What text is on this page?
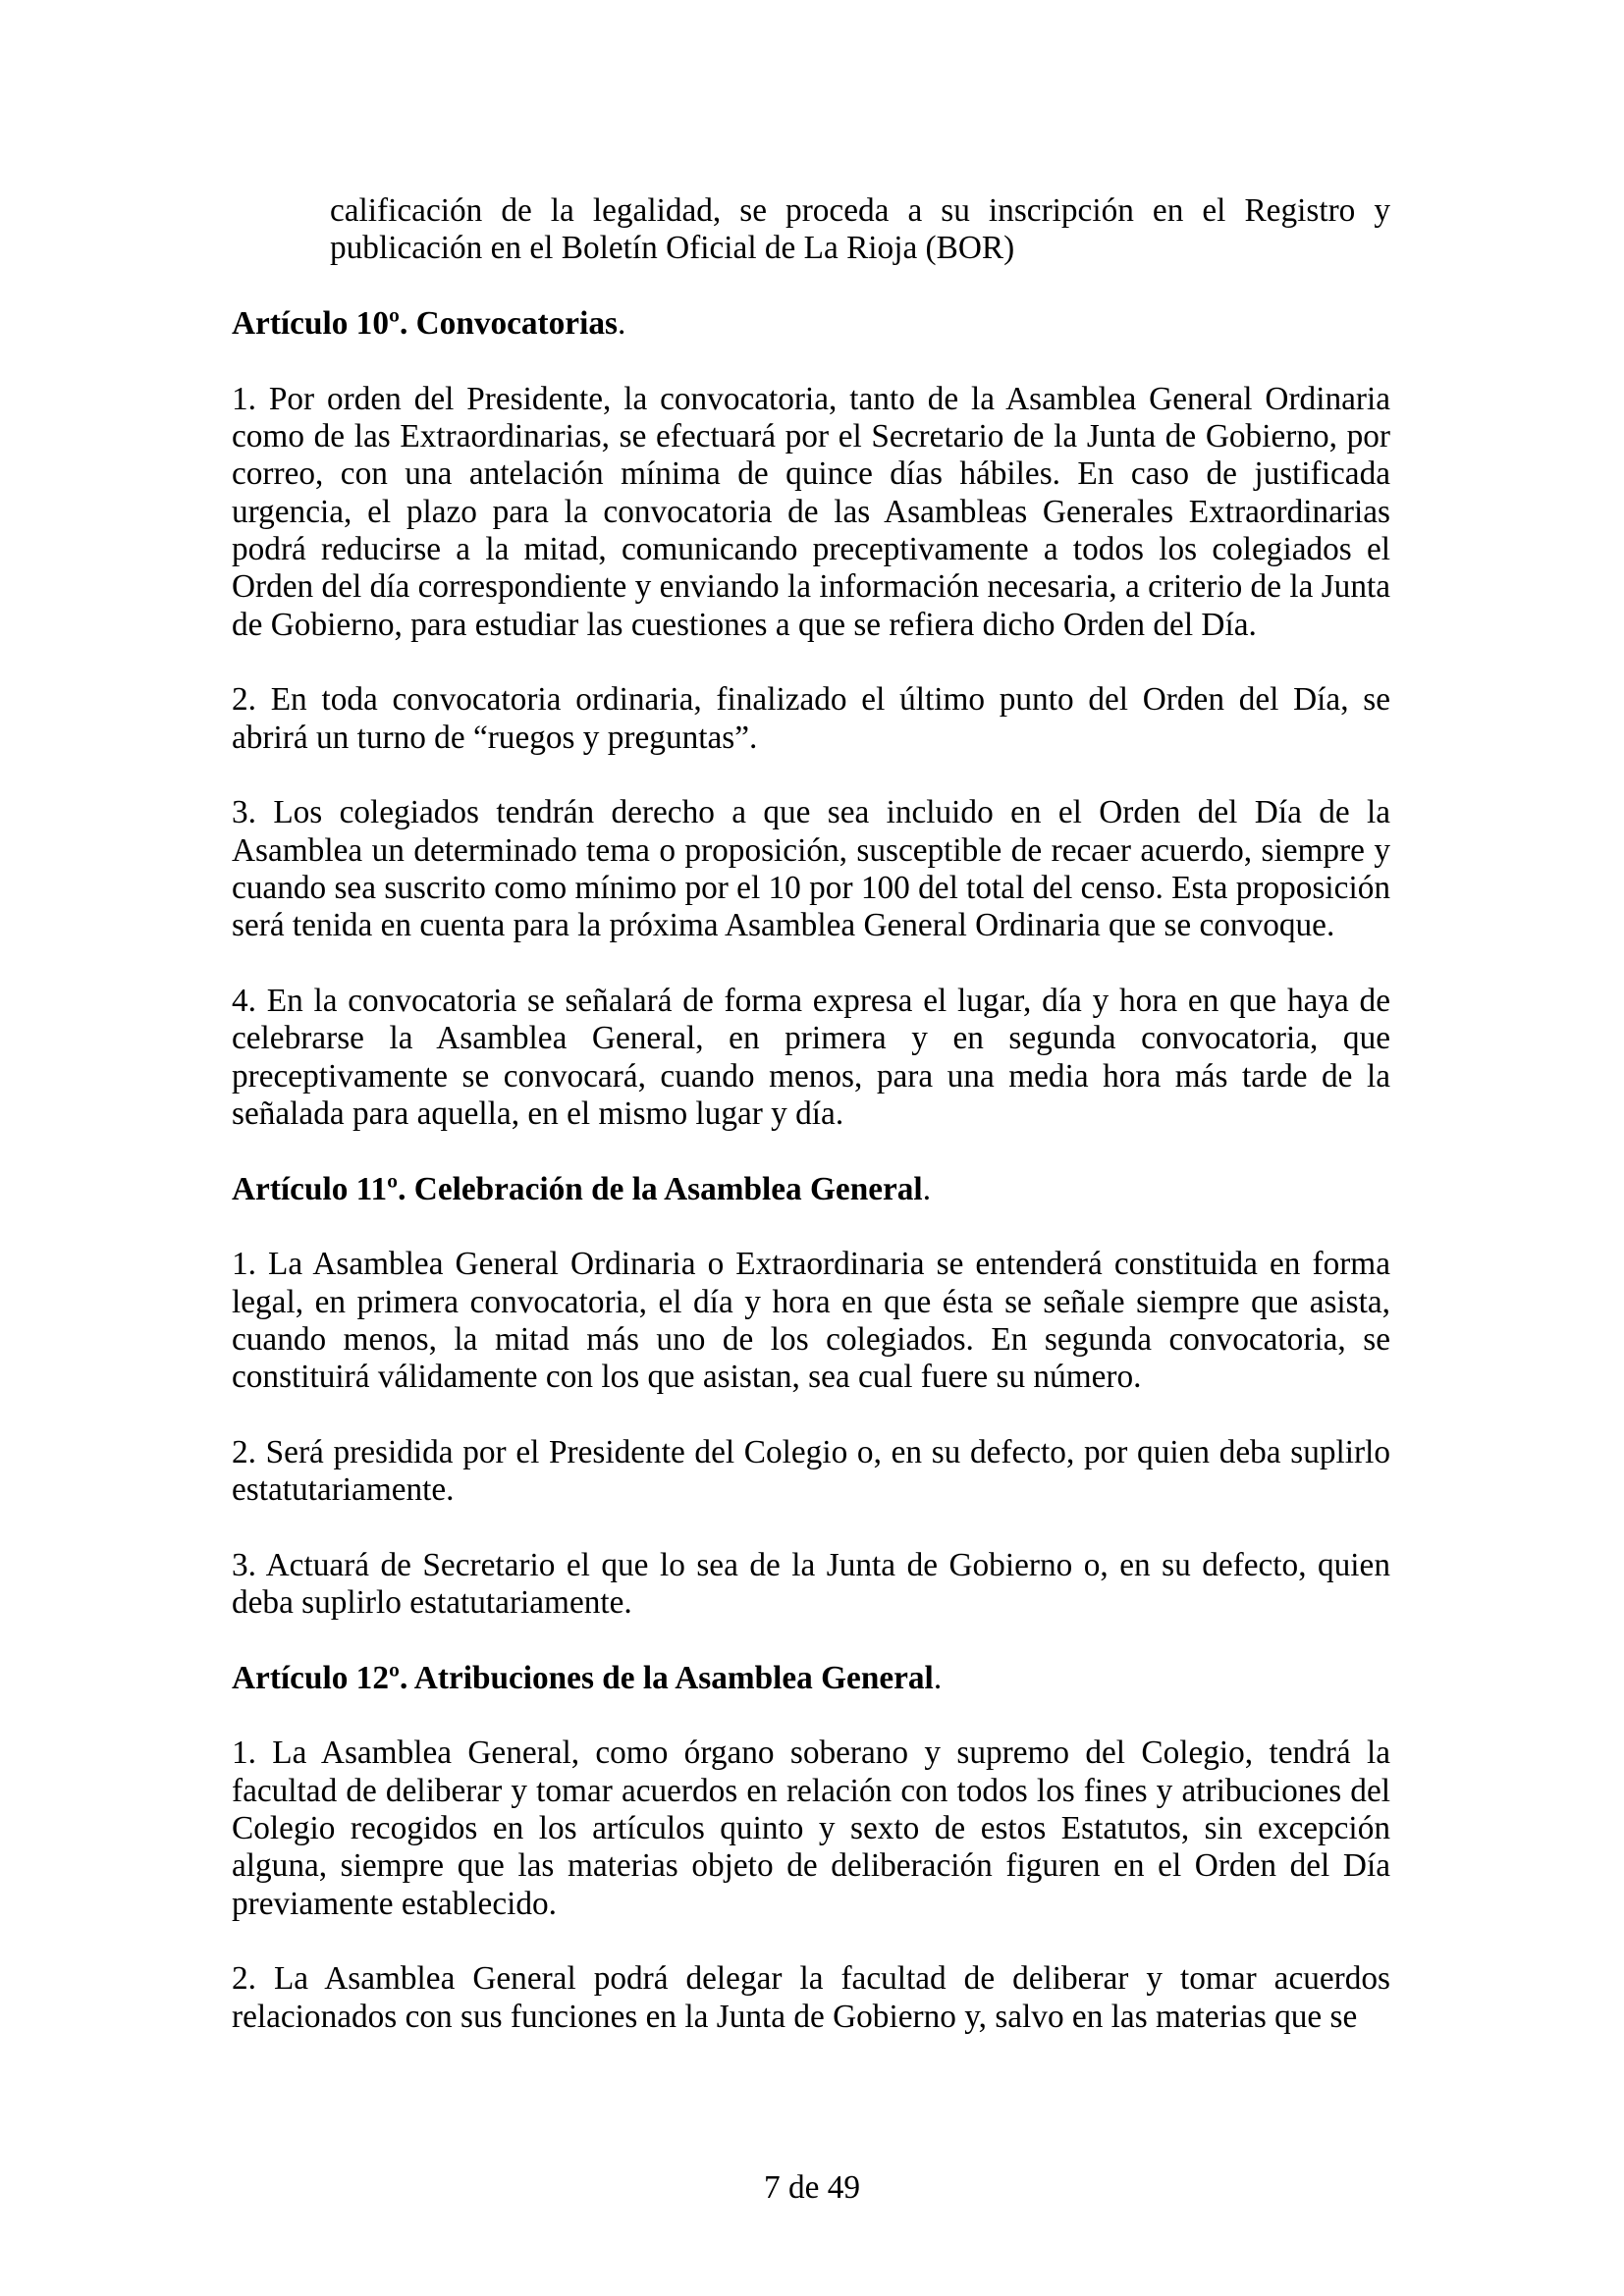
calificación de la legalidad, se proceda a su inscripción en el Registro y publicación en el Boletín Oficial de La Rioja (BOR)

Artículo 10º. Convocatorias.

1. Por orden del Presidente, la convocatoria, tanto de la Asamblea General Ordinaria como de las Extraordinarias, se efectuará por el Secretario de la Junta de Gobierno, por correo, con una antelación mínima de quince días hábiles. En caso de justificada urgencia, el plazo para la convocatoria de las Asambleas Generales Extraordinarias podrá reducirse a la mitad, comunicando preceptivamente a todos los colegiados el Orden del día correspondiente y enviando la información necesaria, a criterio de la Junta de Gobierno, para estudiar las cuestiones a que se refiera dicho Orden del Día.

2. En toda convocatoria ordinaria, finalizado el último punto del Orden del Día, se abrirá un turno de “ruegos y preguntas”.

3. Los colegiados tendrán derecho a que sea incluido en el Orden del Día de la Asamblea un determinado tema o proposición, susceptible de recaer acuerdo, siempre y cuando sea suscrito como mínimo por el 10 por 100 del total del censo. Esta proposición será tenida en cuenta para la próxima Asamblea General Ordinaria que se convoque.

4. En la convocatoria se señalará de forma expresa el lugar, día y hora en que haya de celebrarse la Asamblea General, en primera y en segunda convocatoria, que preceptivamente se convocará, cuando menos, para una media hora más tarde de la señalada para aquella, en el mismo lugar y día.

Artículo 11º. Celebración de la Asamblea General.

1. La Asamblea General Ordinaria o Extraordinaria se entenderá constituida en forma legal, en primera convocatoria, el día y hora en que ésta se señale siempre que asista, cuando menos, la mitad más uno de los colegiados. En segunda convocatoria, se constituirá válidamente con los que asistan, sea cual fuere su número.

2. Será presidida por el Presidente del Colegio o, en su defecto, por quien deba suplirlo estatutariamente.

3. Actuará de Secretario el que lo sea de la Junta de Gobierno o, en su defecto, quien deba suplirlo estatutariamente.

Artículo 12º. Atribuciones de la Asamblea General.

1. La Asamblea General, como órgano soberano y supremo del Colegio, tendrá la facultad de deliberar y tomar acuerdos en relación con todos los fines y atribuciones del Colegio recogidos en los artículos quinto y sexto de estos Estatutos, sin excepción alguna, siempre que las materias objeto de deliberación figuren en el Orden del Día previamente establecido.

2. La Asamblea General podrá delegar la facultad de deliberar y tomar acuerdos relacionados con sus funciones en la Junta de Gobierno y, salvo en las materias que se

7 de 49
